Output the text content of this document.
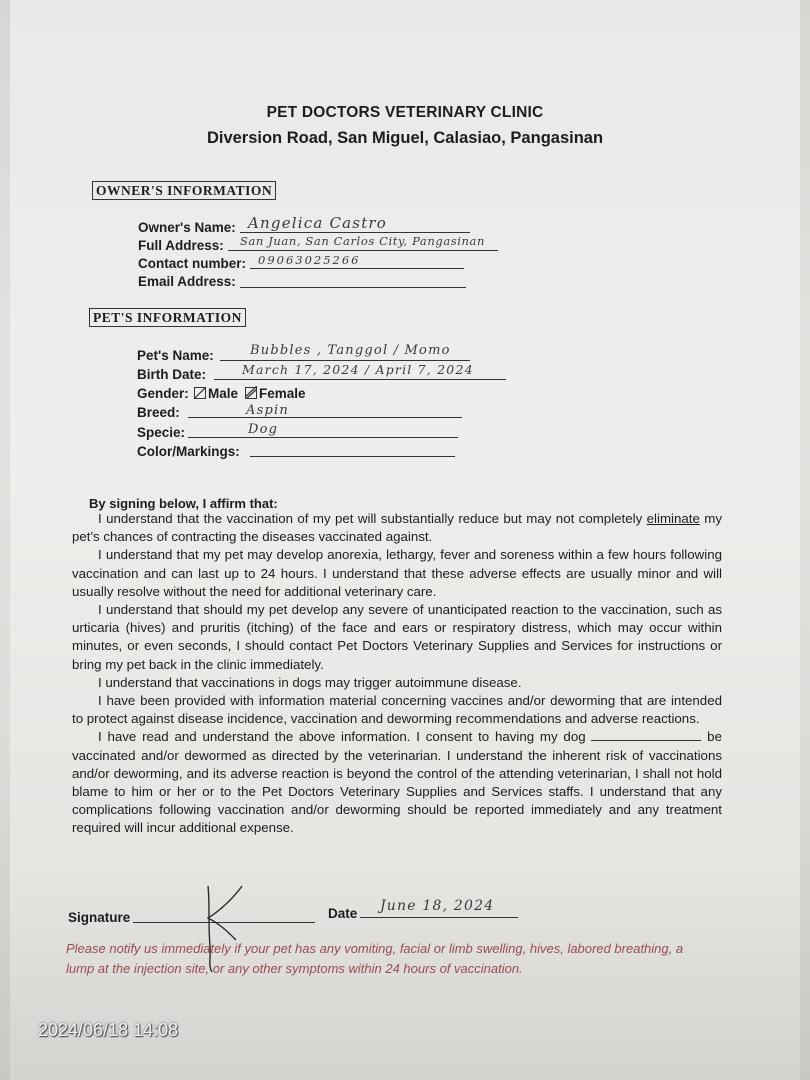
PET DOCTORS VETERINARY CLINIC
Diversion Road, San Miguel, Calasiao, Pangasinan
OWNER'S INFORMATION
Owner's Name: Angelica Castro
Full Address: San Juan, San Carlos City, Pangasinan
Contact number: 09063025266
Email Address:
PET'S INFORMATION
Pet's Name:	Bubbles , Tanggol / Momo
Birth Date:	March 17, 2024 / April 7, 2024
Gender:	Male	Female
Breed:	Aspin
Specie:	Dog
Color/Markings:
By signing below, I affirm that:

I understand that the vaccination of my pet will substantially reduce but may not completely eliminate my pet's chances of contracting the diseases vaccinated against.

I understand that my pet may develop anorexia, lethargy, fever and soreness within a few hours following vaccination and can last up to 24 hours. I understand that these adverse effects are usually minor and will usually resolve without the need for additional veterinary care.

I understand that should my pet develop any severe of unanticipated reaction to the vaccination, such as urticaria (hives) and pruritis (itching) of the face and ears or respiratory distress, which may occur within minutes, or even seconds, I should contact Pet Doctors Veterinary Supplies and Services for instructions or bring my pet back in the clinic immediately.

I understand that vaccinations in dogs may trigger autoimmune disease.

I have been provided with information material concerning vaccines and/or deworming that are intended to protect against disease incidence, vaccination and deworming recommendations and adverse reactions.

I have read and understand the above information. I consent to having my dog	be vaccinated and/or dewormed as directed by the veterinarian. I understand the inherent risk of vaccinations and/or deworming, and its adverse reaction is beyond the control of the attending veterinarian, I shall not hold blame to him or her or to the Pet Doctors Veterinary Supplies and Services staffs. I understand that any complications following vaccination and/or deworming should be reported immediately and any treatment required will incur additional expense.

Signature	Date June 18, 2024
Please notify us immediately if your pet has any vomiting, facial or limb swelling, hives, labored breathing, a lump at the injection site, or any other symptoms within 24 hours of vaccination.
2024/06/18 14:08
